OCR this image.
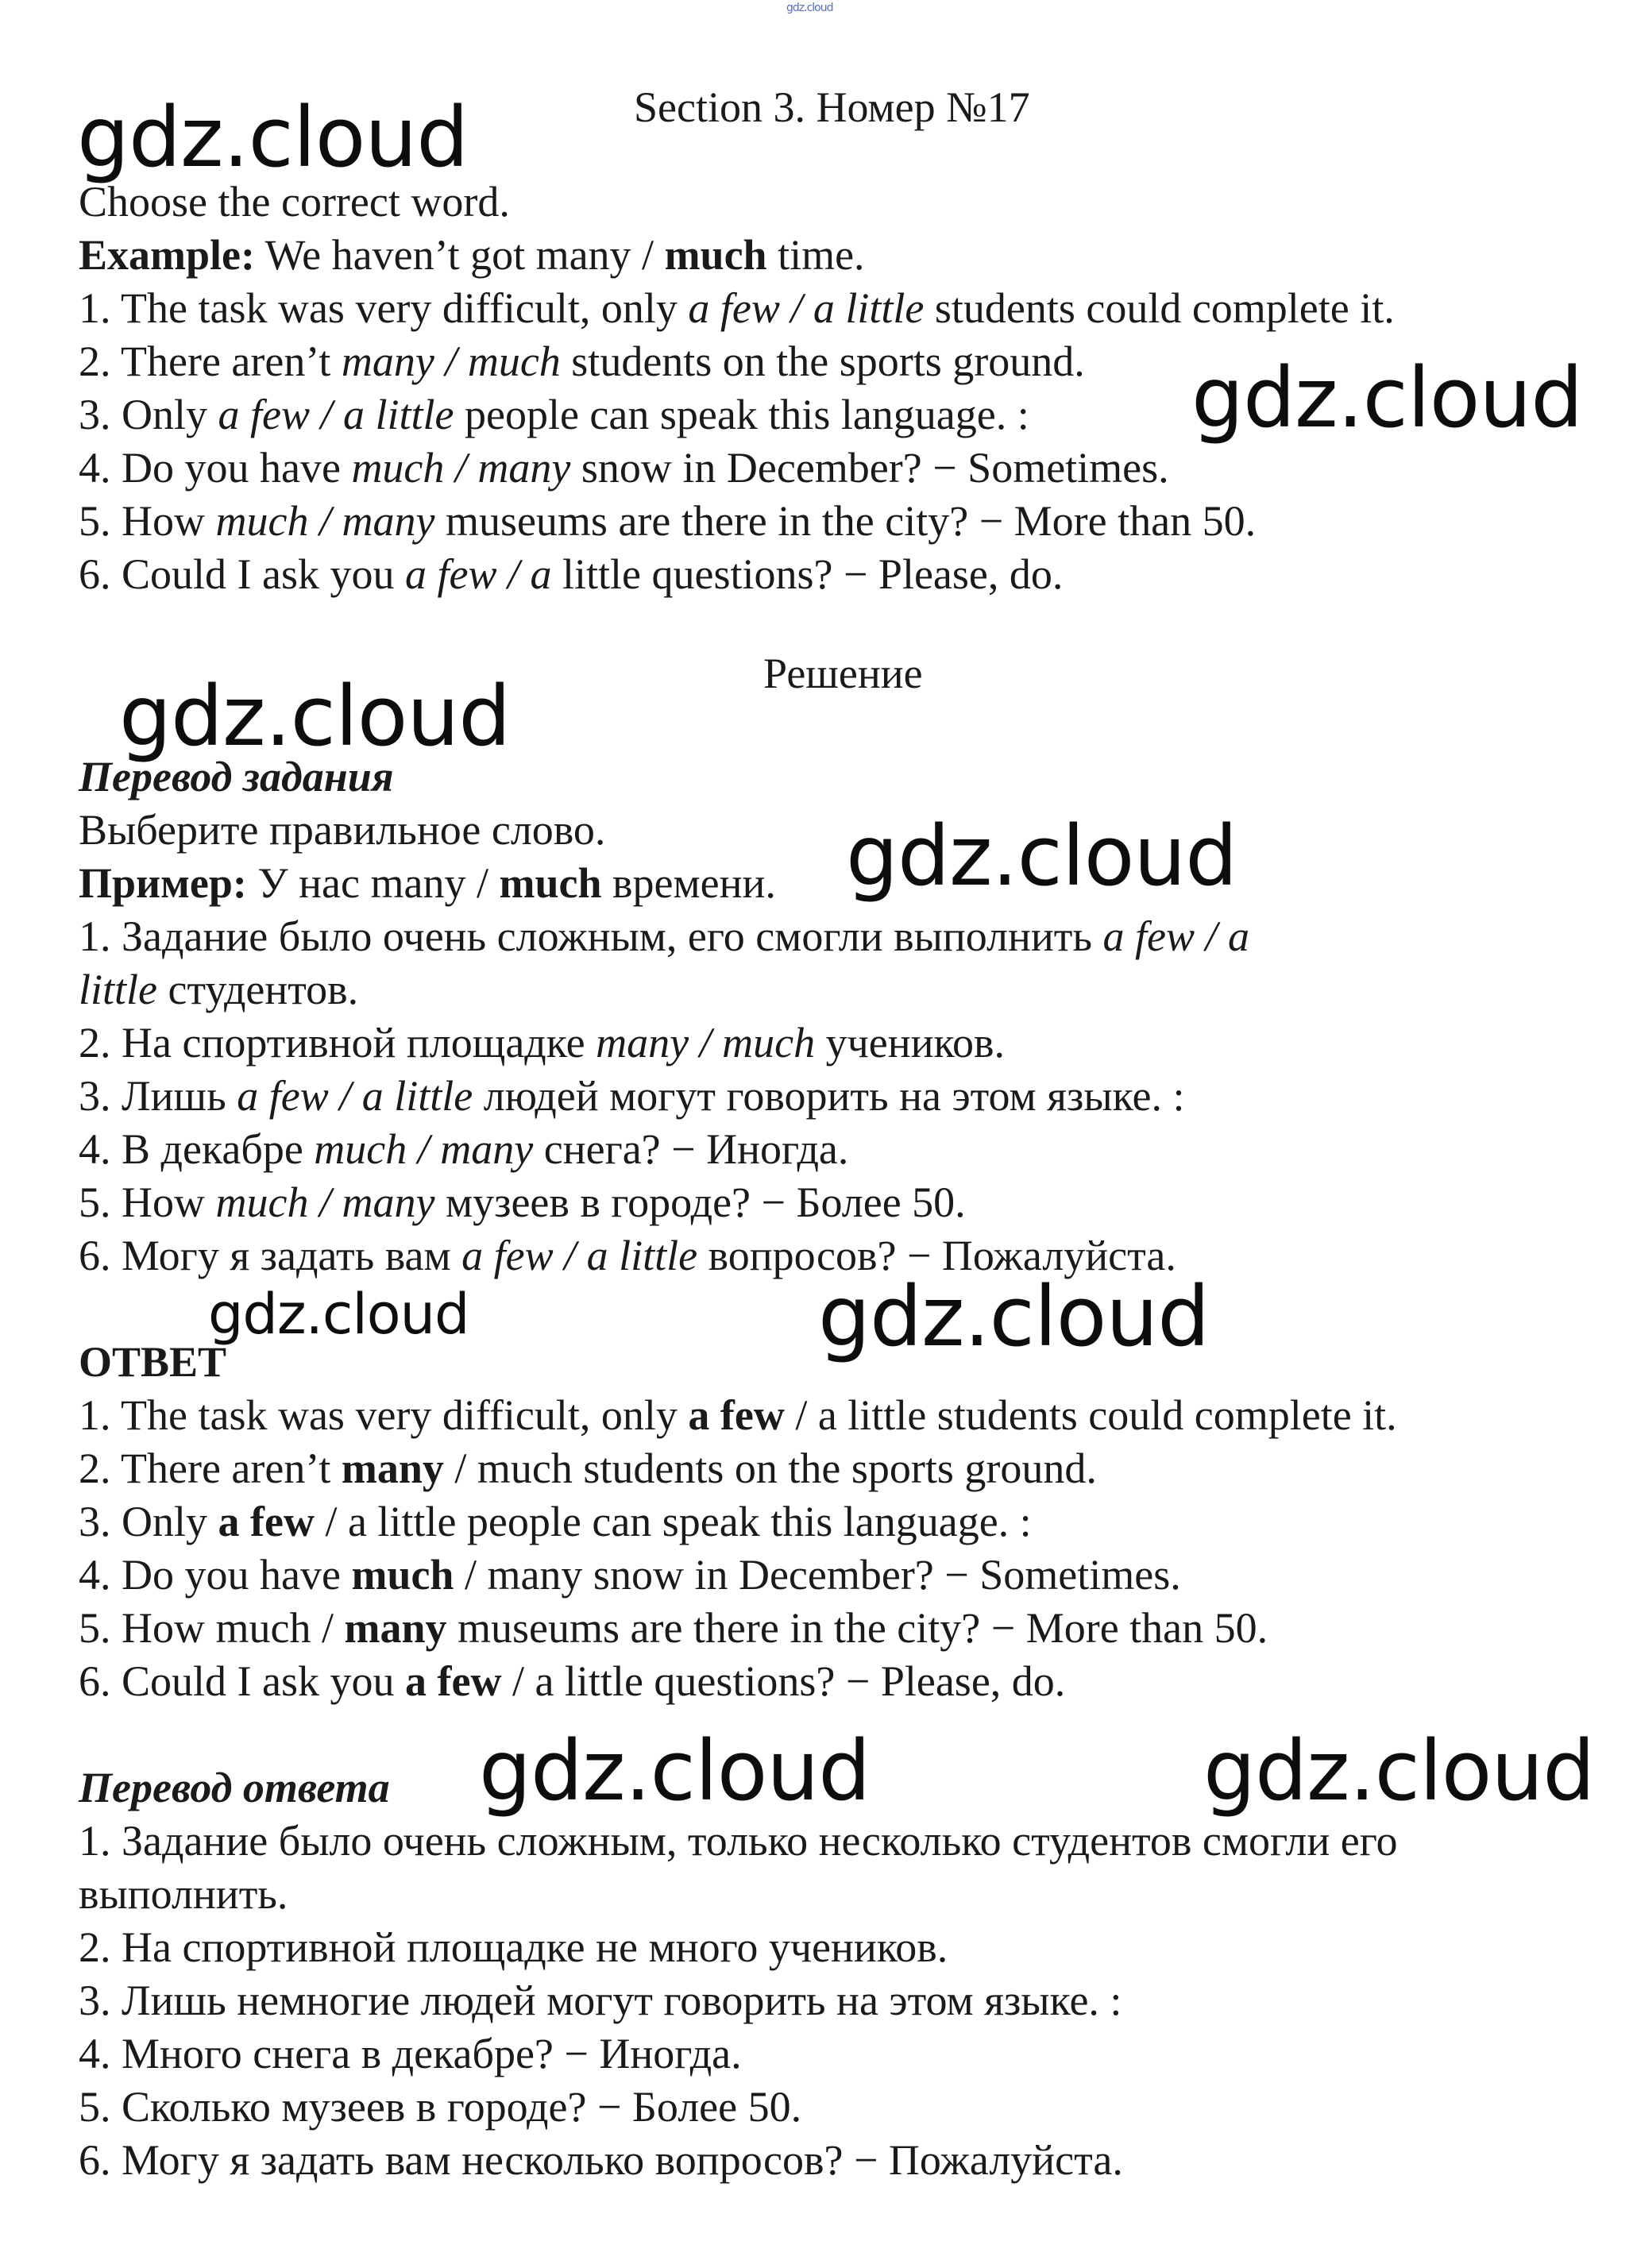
gdz.cloud
gdz.cloud
gdz.cloud
gdz.cloud
gdz.cloud
gdz.cloud	gdz.cloud
gdz.cloud	gdz.cloud
Section 3. Номер №17
Choose the correct word.
Example: We haven’t got many / much time.
1. The task was very difficult, only a few / a little students could complete it.
2. There aren’t many / much students on the sports ground.
3. Only a few / a little people can speak this language. :
4. Do you have much / many snow in December? − Sometimes.
5. How much / many museums are there in the city? − More than 50.
6. Could I ask you a few / a little questions? − Please, do.
Решение
Перевод задания
Выберите правильное слово.
Пример: У нас many / much времени.
1. Задание было очень сложным, его смогли выполнить a few / a
little студентов.
2. На спортивной площадке many / much учеников.
3. Лишь a few / a little людей могут говорить на этом языке. :
4. В декабре much / many снега? − Иногда.
5. How much / many музеев в городе? − Более 50.
6. Могу я задать вам a few / a little вопросов? − Пожалуйста.
ОТВЕТ
1. The task was very difficult, only a few / a little students could complete it.
2. There aren’t many / much students on the sports ground.
3. Only a few / a little people can speak this language. :
4. Do you have much / many snow in December? − Sometimes.
5. How much / many museums are there in the city? − More than 50.
6. Could I ask you a few / a little questions? − Please, do.
Перевод ответа
1. Задание было очень сложным, только несколько студентов смогли его
выполнить.
2. На спортивной площадке не много учеников.
3. Лишь немногие людей могут говорить на этом языке. :
4. Много снега в декабре? − Иногда.
5. Сколько музеев в городе? − Более 50.
6. Могу я задать вам несколько вопросов? − Пожалуйста.
